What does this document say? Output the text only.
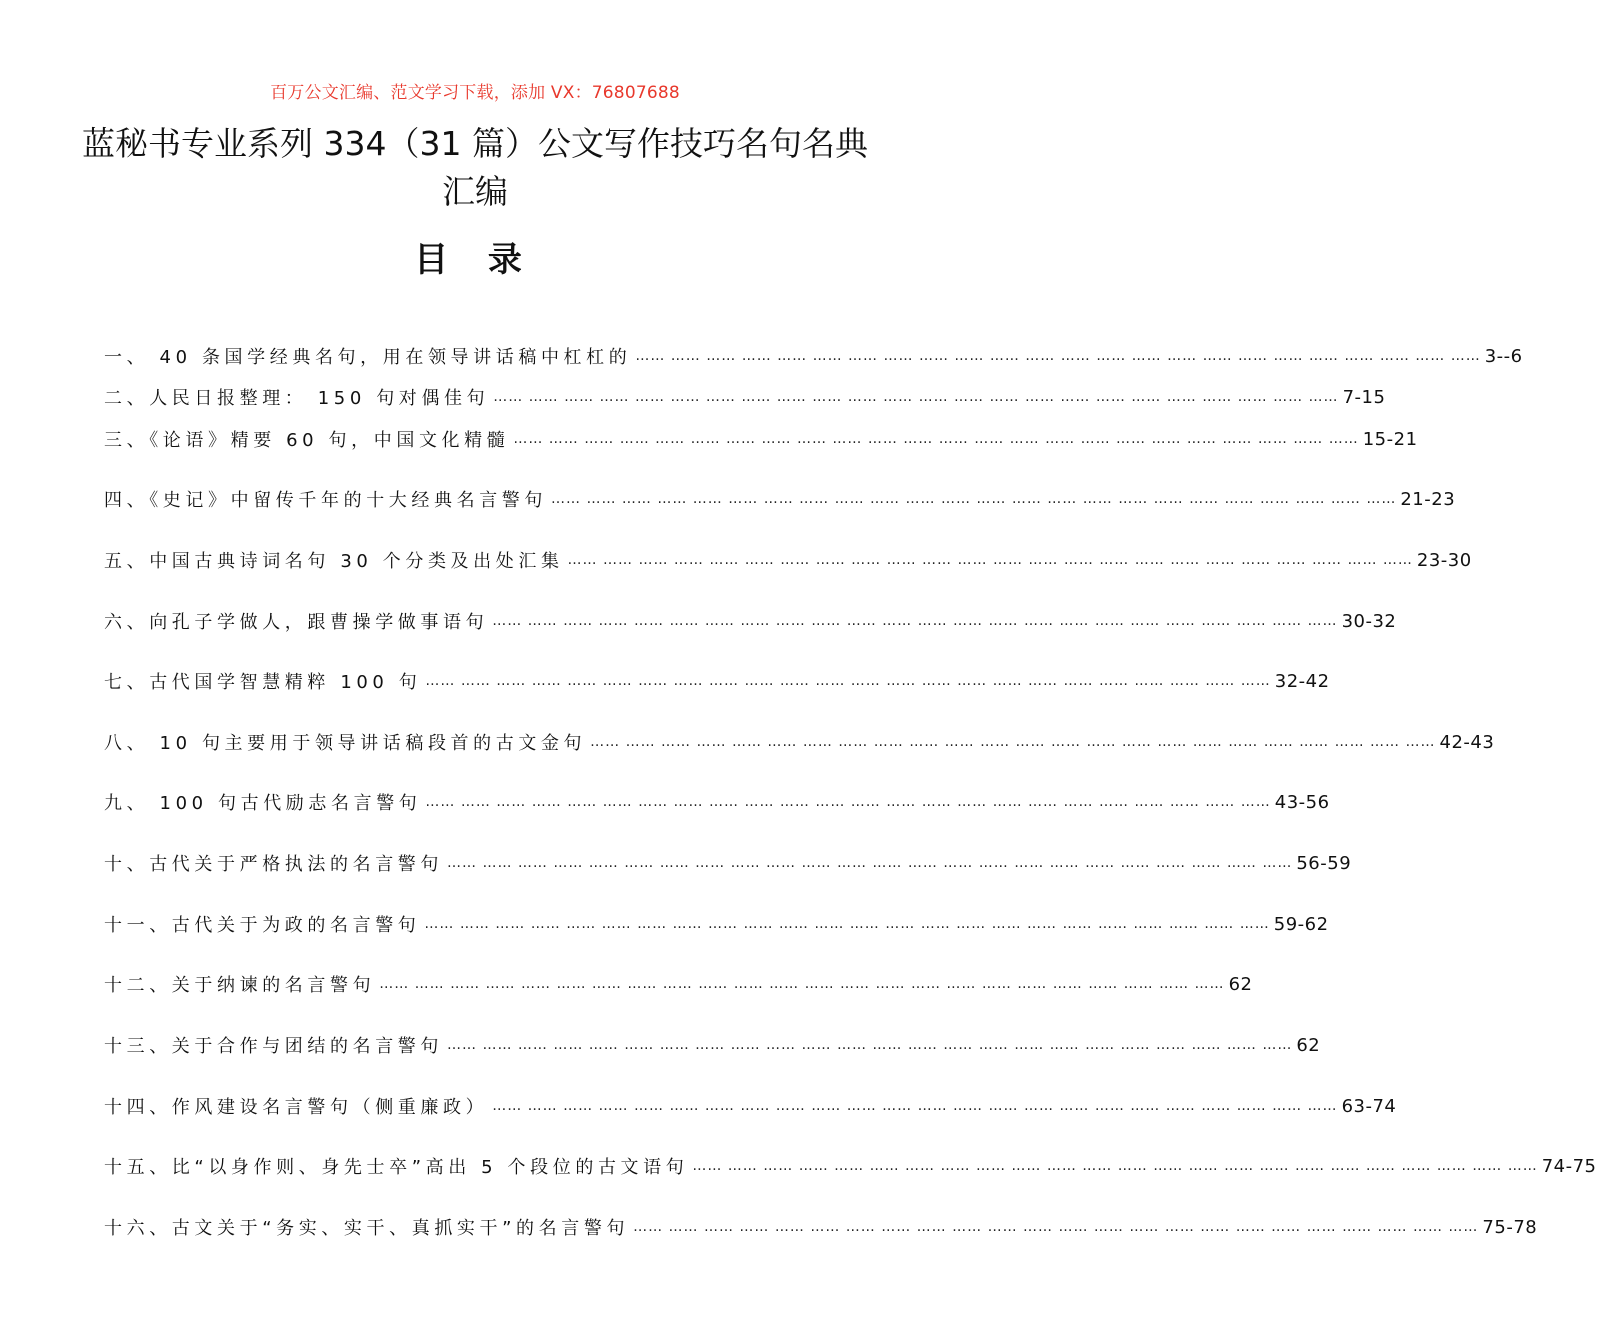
百万公文汇编、范文学习下载，添加 VX：76807688
蓝秘书专业系列 334（31 篇）公文写作技巧名句名典汇编
目 录
一、 40 条国学经典名句，用在领导讲话稿中杠杠的 …… …… …… …… …… …… …… …… …… …… …… …… …… …… …… …… …… …… …… …… …… …… …… …… 3--6
二、人民日报整理： 150 句对偶佳句 …… …… …… …… …… …… …… …… …… …… …… …… …… …… …… …… …… …… …… …… …… …… …… …… 7-15
三、《论语》精要 60 句，中国文化精髓 …… …… …… …… …… …… …… …… …… …… …… …… …… …… …… …… …… …… …… …… …… …… …… …… 15-21
四、《史记》中留传千年的十大经典名言警句 …… …… …… …… …… …… …… …… …… …… …… …… …… …… …… …… …… …… …… …… …… …… …… …… 21-23
五、中国古典诗词名句 30 个分类及出处汇集 …… …… …… …… …… …… …… …… …… …… …… …… …… …… …… …… …… …… …… …… …… …… …… …… 23-30
六、向孔子学做人，跟曹操学做事语句 …… …… …… …… …… …… …… …… …… …… …… …… …… …… …… …… …… …… …… …… …… …… …… …… 30-32
七、古代国学智慧精粹 100 句 …… …… …… …… …… …… …… …… …… …… …… …… …… …… …… …… …… …… …… …… …… …… …… …… 32-42
八、 10 句主要用于领导讲话稿段首的古文金句 …… …… …… …… …… …… …… …… …… …… …… …… …… …… …… …… …… …… …… …… …… …… …… …… 42-43
九、 100 句古代励志名言警句 …… …… …… …… …… …… …… …… …… …… …… …… …… …… …… …… …… …… …… …… …… …… …… …… 43-56
十、古代关于严格执法的名言警句 …… …… …… …… …… …… …… …… …… …… …… …… …… …… …… …… …… …… …… …… …… …… …… …… 56-59
十一、古代关于为政的名言警句 …… …… …… …… …… …… …… …… …… …… …… …… …… …… …… …… …… …… …… …… …… …… …… …… 59-62
十二、关于纳谏的名言警句 …… …… …… …… …… …… …… …… …… …… …… …… …… …… …… …… …… …… …… …… …… …… …… …… 62
十三、关于合作与团结的名言警句 …… …… …… …… …… …… …… …… …… …… …… …… …… …… …… …… …… …… …… …… …… …… …… …… 62
十四、作风建设名言警句（侧重廉政） …… …… …… …… …… …… …… …… …… …… …… …… …… …… …… …… …… …… …… …… …… …… …… …… 63-74
十五、比“以身作则、身先士卒”高出 5 个段位的古文语句 …… …… …… …… …… …… …… …… …… …… …… …… …… …… …… …… …… …… …… …… …… …… …… …… 74-75
十六、古文关于“务实、实干、真抓实干”的名言警句 …… …… …… …… …… …… …… …… …… …… …… …… …… …… …… …… …… …… …… …… …… …… …… …… 75-78
